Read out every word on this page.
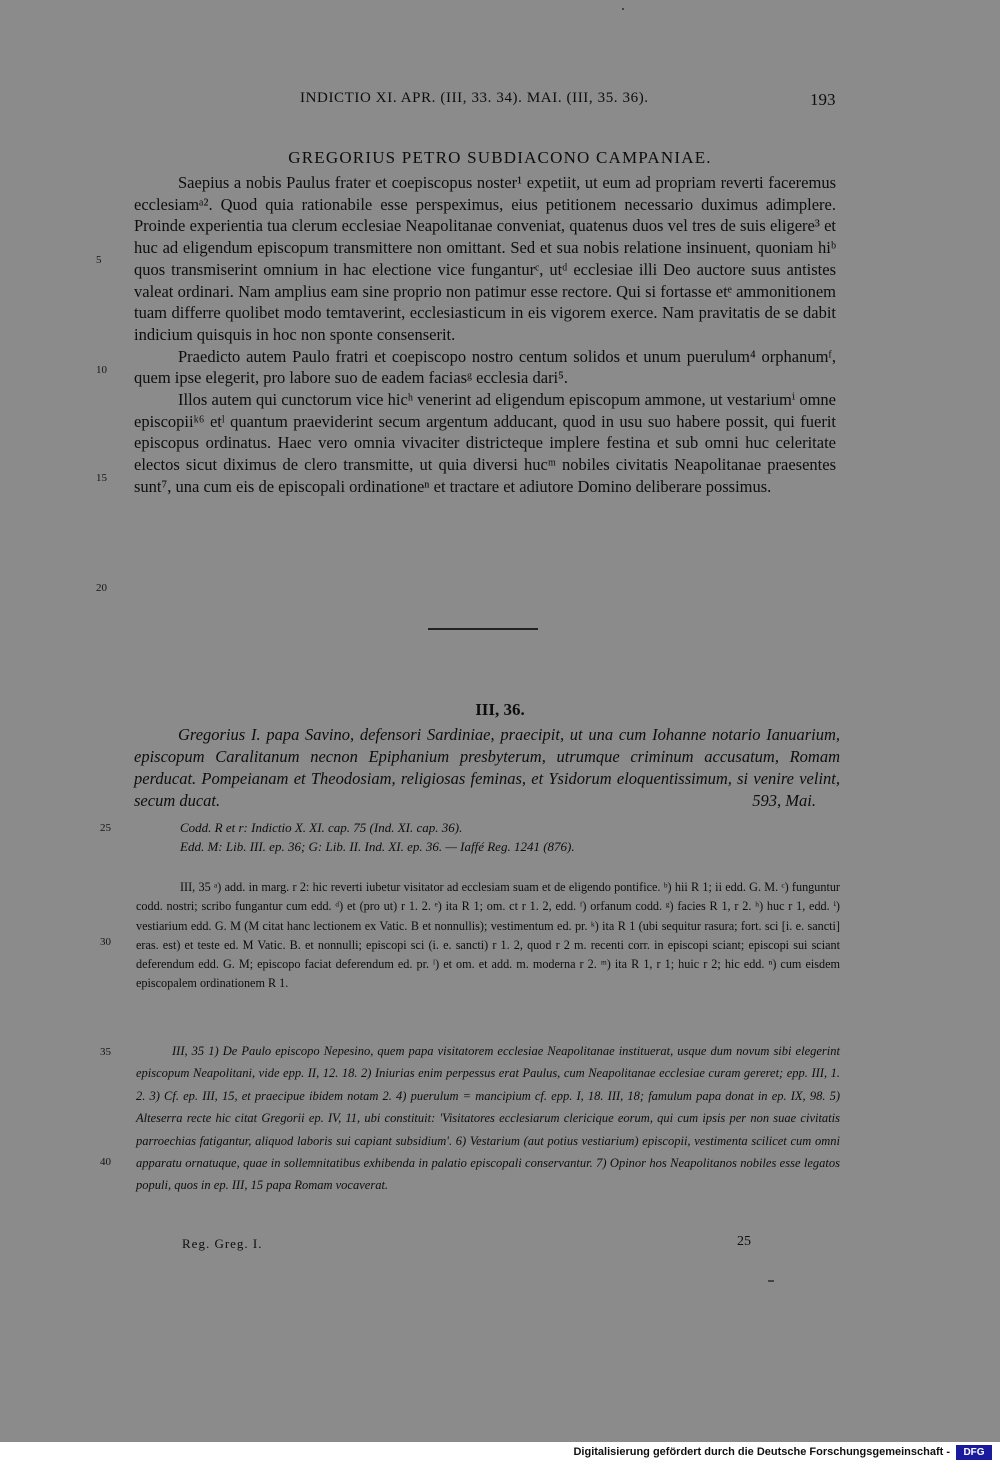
INDICTIO XI. APR. (III, 33. 34). MAI. (III, 35. 36).	193
GREGORIUS PETRO SUBDIACONO CAMPANIAE.
5
10
15
20

Saepius a nobis Paulus frater et coepiscopus noster¹ expetiit, ut eum ad propriam reverti faceremus ecclesiamᵃ². Quod quia rationabile esse perspeximus, eius petitionem necessario duximus adimplere. Proinde experientia tua clerum ecclesiae Neapolitanae conveniat, quatenus duos vel tres de suis eligere³ et huc ad eligendum episcopum transmittere non omittant. Sed et sua nobis relatione insinuent, quoniam hiᵇ quos transmiserint omnium in hac electione vice funganturᶜ, utᵈ ecclesiae illi Deo auctore suus antistes valeat ordinari. Nam amplius eam sine proprio non patimur esse rectore. Qui si fortasse etᵉ ammonitionem tuam differre quolibet modo temtaverint, ecclesiasticum in eis vigorem exerce. Nam pravitatis de se dabit indicium quisquis in hoc non sponte consenserit.

Praedicto autem Paulo fratri et coepiscopo nostro centum solidos et unum puerulum⁴ orphanumᶠ, quem ipse elegerit, pro labore suo de eadem faciasᵍ ecclesia dari⁵.

Illos autem qui cunctorum vice hicʰ venerint ad eligendum episcopum ammone, ut vestariumⁱ omne episcopiiᵏ⁶ etˡ quantum praeviderint secum argentum adducant, quod in usu suo habere possit, qui fuerit episcopus ordinatus. Haec vero omnia vivaciter districteque implere festina et sub omni huc celeritate electos sicut diximus de clero transmitte, ut quia diversi hucᵐ nobiles civitatis Neapolitanae praesentes sunt⁷, una cum eis de episcopali ordinationeⁿ et tractare et adiutore Domino deliberare possimus.

III, 36.

Gregorius I. papa Savino, defensori Sardiniae, praecipit, ut una cum Iohanne notario Ianuarium, episcopum Caralitanum necnon Epiphanium presbyterum, utrumque criminum accusatum, Romam perducat. Pompeianam et Theodosiam, religiosas feminas, et Ysidorum eloquentissimum, si venire velint, secum ducat.	593, Mai.

25	Codd. R et r: Indictio X. XI. cap. 75 (Ind. XI. cap. 36).
Edd. M: Lib. III. ep. 36; G: Lib. II. Ind. XI. ep. 36. — Iaffé Reg. 1241 (876).
30

III, 35 ᵃ) add. in marg. r 2: hic reverti iubetur visitator ad ecclesiam suam et de eligendo pontifice. ᵇ) hii R 1; ii edd. G. M. ᶜ) funguntur codd. nostri; scribo fungantur cum edd. ᵈ) et (pro ut) r 1. 2. ᵉ) ita R 1; om. ct r 1. 2, edd. ᶠ) orfanum codd. ᵍ) facies R 1, r 2. ʰ) huc r 1, edd. ⁱ) vestiarium edd. G. M (M citat hanc lectionem ex Vatic. B et nonnullis); vestimentum ed. pr. ᵏ) ita R 1 (ubi sequitur rasura; fort. sci [i. e. sancti] eras. est) et teste ed. M Vatic. B. et nonnulli; episcopi sci (i. e. sancti) r 1. 2, quod r 2 m. recenti corr. in episcopi sciant; episcopi sui sciant deferendum edd. G. M; episcopo faciat deferendum ed. pr. ˡ) et om. et add. m. moderna r 2. ᵐ) ita R 1, r 1; huic r 2; hic edd. ⁿ) cum eisdem episcopalem ordinationem R 1.

35
40

III, 35 1) De Paulo episcopo Nepesino, quem papa visitatorem ecclesiae Neapolitanae instituerat, usque dum novum sibi elegerint episcopum Neapolitani, vide epp. II, 12. 18. 2) Iniurias enim perpessus erat Paulus, cum Neapolitanae ecclesiae curam gereret; epp. III, 1. 2. 3) Cf. ep. III, 15, et praecipue ibidem notam 2. 4) puerulum = mancipium cf. epp. I, 18. III, 18; famulum papa donat in ep. IX, 98. 5) Alteserra recte hic citat Gregorii ep. IV, 11, ubi constituit: 'Visitatores ecclesiarum clericique eorum, qui cum ipsis per non suae civitatis parroechias fatigantur, aliquod laboris sui capiant subsidium'. 6) Vestarium (aut potius vestiarium) episcopii, vestimenta scilicet cum omni apparatu ornatuque, quae in sollemnitatibus exhibenda in palatio episcopali conservantur. 7) Opinor hos Neapolitanos nobiles esse legatos populi, quos in ep. III, 15 papa Romam vocaverat.

Reg. Greg. I.	25
Digitalisierung gefördert durch die Deutsche Forschungsgemeinschaft -	DFG
